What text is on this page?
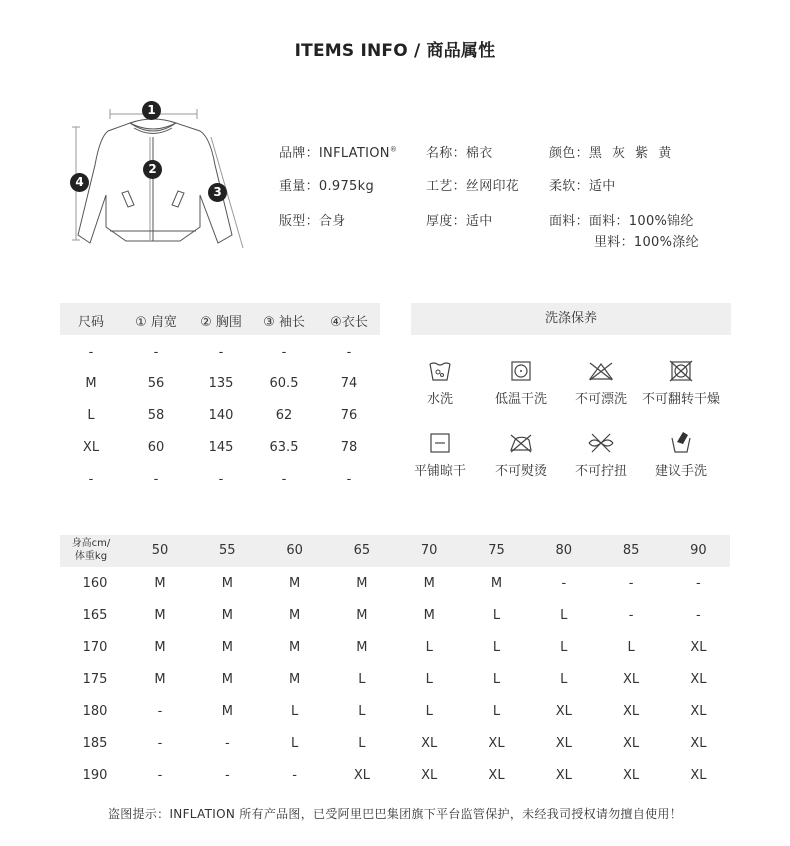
ITEMS INFO / 商品属性
1
2
3
4
品牌：INFLATION® 名称：棉衣	颜色：黑 灰 紫 黄
重量：0.975kg	工艺：丝网印花 柔软：适中
版型：合身	厚度：适中	面料：面料：100%锦纶
里料：100%涤纶
尺码	① 肩宽	② 胸围	③ 袖长	④衣长
-	-	-	-	-
M	56	135	60.5	74
L	58	140	62	76
XL	60	145	63.5	78
-	-	-	-	-
洗涤保养
水洗	低温干洗	不可漂洗	不可翻转干燥
平铺晾干	不可熨烫	不可拧扭	建议手洗
身高cm/
体重kg	50	55	60	65	70	75	80	85	90
160	M	M	M	M	M	M	-	-	-
165	M	M	M	M	M	L	L	-	-
170	M	M	M	M	L	L	L	L	XL
175	M	M	M	L	L	L	L	XL	XL
180	-	M	L	L	L	L	XL	XL	XL
185	-	-	L	L	XL	XL	XL	XL	XL
190	-	-	-	XL	XL	XL	XL	XL	XL
盗图提示：INFLATION 所有产品图，已受阿里巴巴集团旗下平台监管保护，未经我司授权请勿擅自使用！
